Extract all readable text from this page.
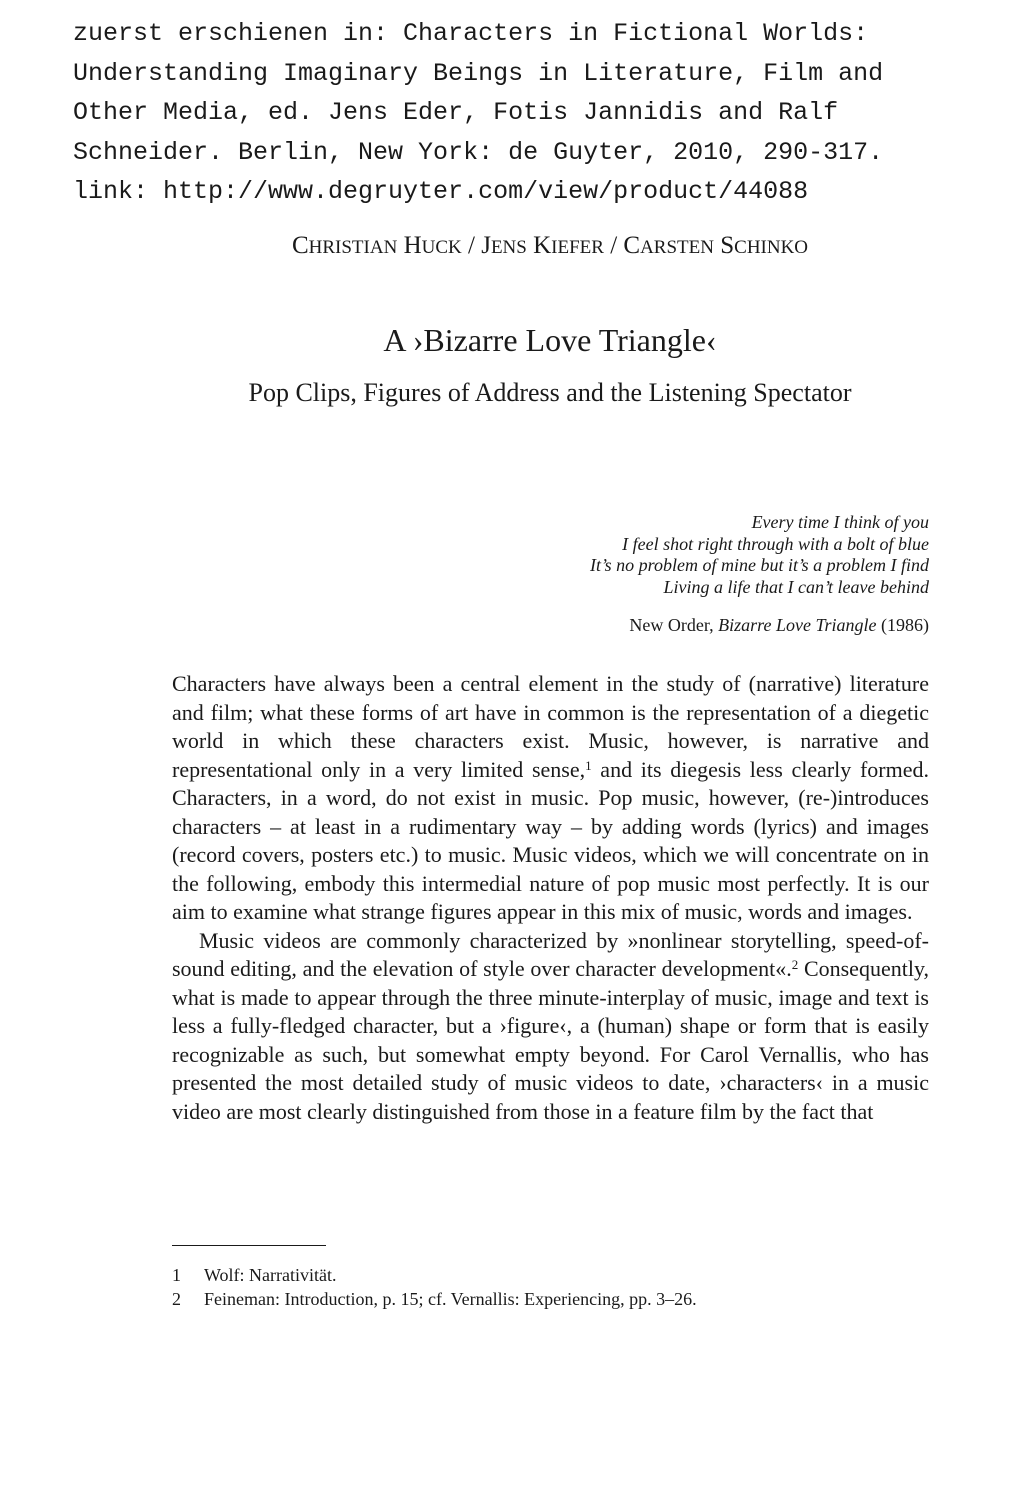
zuerst erschienen in: Characters in Fictional Worlds:
Understanding Imaginary Beings in Literature, Film and
Other Media, ed. Jens Eder, Fotis Jannidis and Ralf
Schneider. Berlin, New York: de Guyter, 2010, 290-317.
link: http://www.degruyter.com/view/product/44088
CHRISTIAN HUCK / JENS KIEFER / CARSTEN SCHINKO
A ›Bizarre Love Triangle‹
Pop Clips, Figures of Address and the Listening Spectator
Every time I think of you
I feel shot right through with a bolt of blue
It’s no problem of mine but it’s a problem I find
Living a life that I can’t leave behind
New Order, Bizarre Love Triangle (1986)

Characters have always been a central element in the study of (narrative) literature and film; what these forms of art have in common is the representation of a diegetic world in which these characters exist. Music, however, is narrative and representational only in a very limited sense,$^1$ and its diegesis less clearly formed. Characters, in a word, do not exist in music. Pop music, however, (re-)introduces characters – at least in a rudimentary way – by adding words (lyrics) and images (record covers, posters etc.) to music. Music videos, which we will concentrate on in the following, embody this intermedial nature of pop music most perfectly. It is our aim to examine what strange figures appear in this mix of music, words and images.

Music videos are commonly characterized by »nonlinear storytelling, speed-of-sound editing, and the elevation of style over character development«.$^2$ Consequently, what is made to appear through the three minute-interplay of music, image and text is less a fully-fledged character, but a ›figure‹, a (human) shape or form that is easily recognizable as such, but somewhat empty beyond. For Carol Vernallis, who has presented the most detailed study of music videos to date, ›characters‹ in a music video are most clearly distinguished from those in a feature film by the fact that

1	Wolf: Narrativität.
2	Feineman: Introduction, p. 15; cf. Vernallis: Experiencing, pp. 3–26.
